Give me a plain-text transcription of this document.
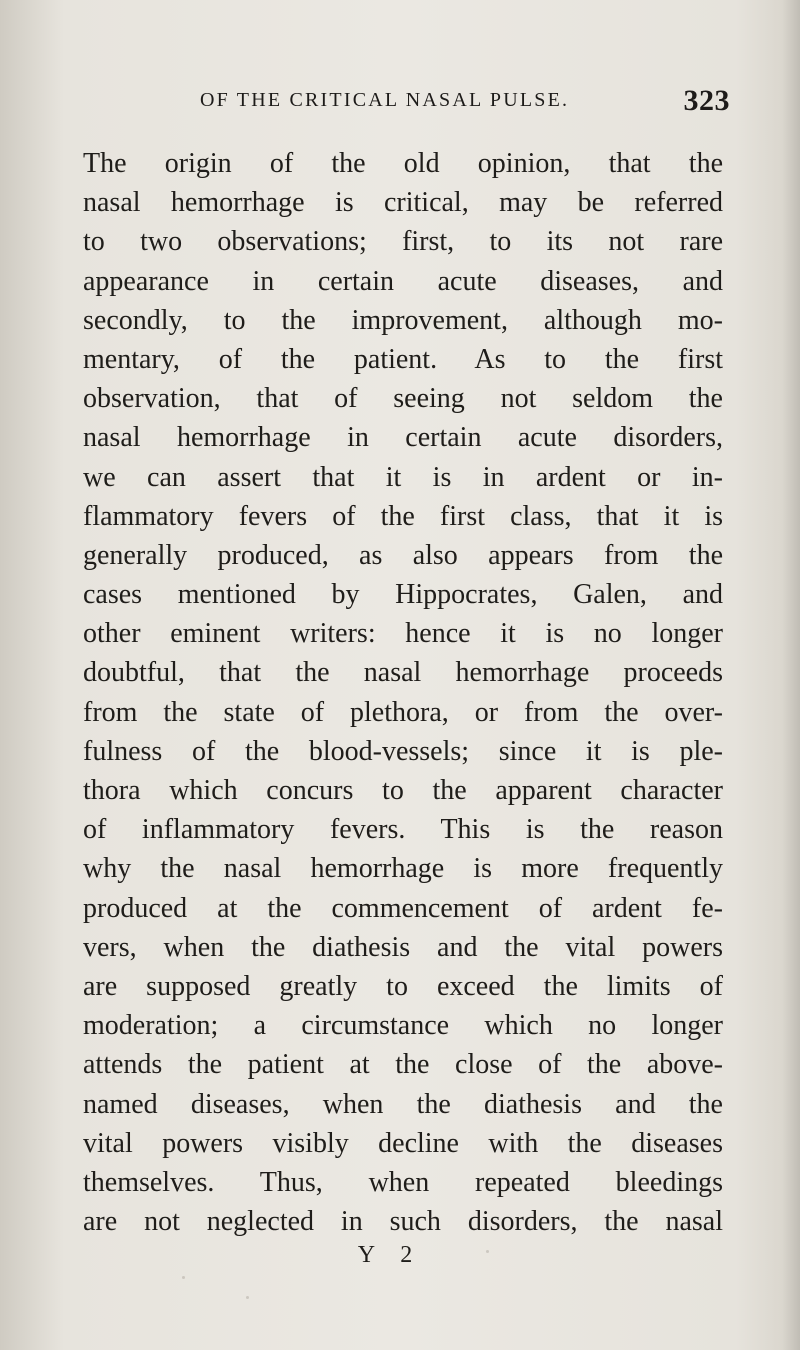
OF THE CRITICAL NASAL PULSE.	323
The origin of the old opinion, that the
nasal hemorrhage is critical, may be referred
to two observations; first, to its not rare
appearance in certain acute diseases, and
secondly, to the improvement, although mo-
mentary, of the patient. As to the first
observation, that of seeing not seldom the
nasal hemorrhage in certain acute disorders,
we can assert that it is in ardent or in-
flammatory fevers of the first class, that it is
generally produced, as also appears from the
cases mentioned by Hippocrates, Galen, and
other eminent writers: hence it is no longer
doubtful, that the nasal hemorrhage proceeds
from the state of plethora, or from the over-
fulness of the blood-vessels; since it is ple-
thora which concurs to the apparent character
of inflammatory fevers. This is the reason
why the nasal hemorrhage is more frequently
produced at the commencement of ardent fe-
vers, when the diathesis and the vital powers
are supposed greatly to exceed the limits of
moderation; a circumstance which no longer
attends the patient at the close of the above-
named diseases, when the diathesis and the
vital powers visibly decline with the diseases
themselves. Thus, when repeated bleedings
are not neglected in such disorders, the nasal
Y 2
